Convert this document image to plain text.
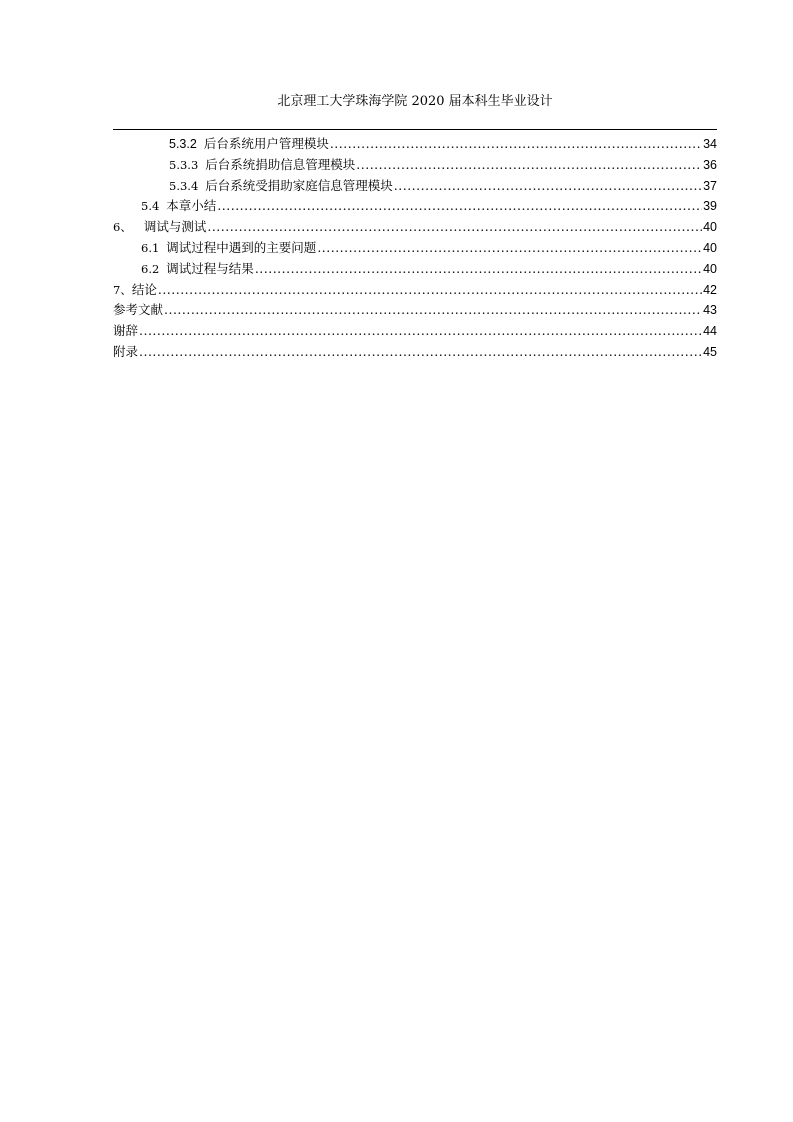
北京理工大学珠海学院 2020 届本科生毕业设计
5.3.2 后台系统用户管理模块 .....	34
5.3.3 后台系统捐助信息管理模块 .....	36
5.3.4 后台系统受捐助家庭信息管理模块 .....	37
5.4 本章小结 .....	39
6、 调试与测试 .....	40
6.1 调试过程中遇到的主要问题 .....	40
6.2 调试过程与结果 .....	40
7、结论 .....	42
参考文献 .....	43
谢辞 .....	44
附录 .....	45
